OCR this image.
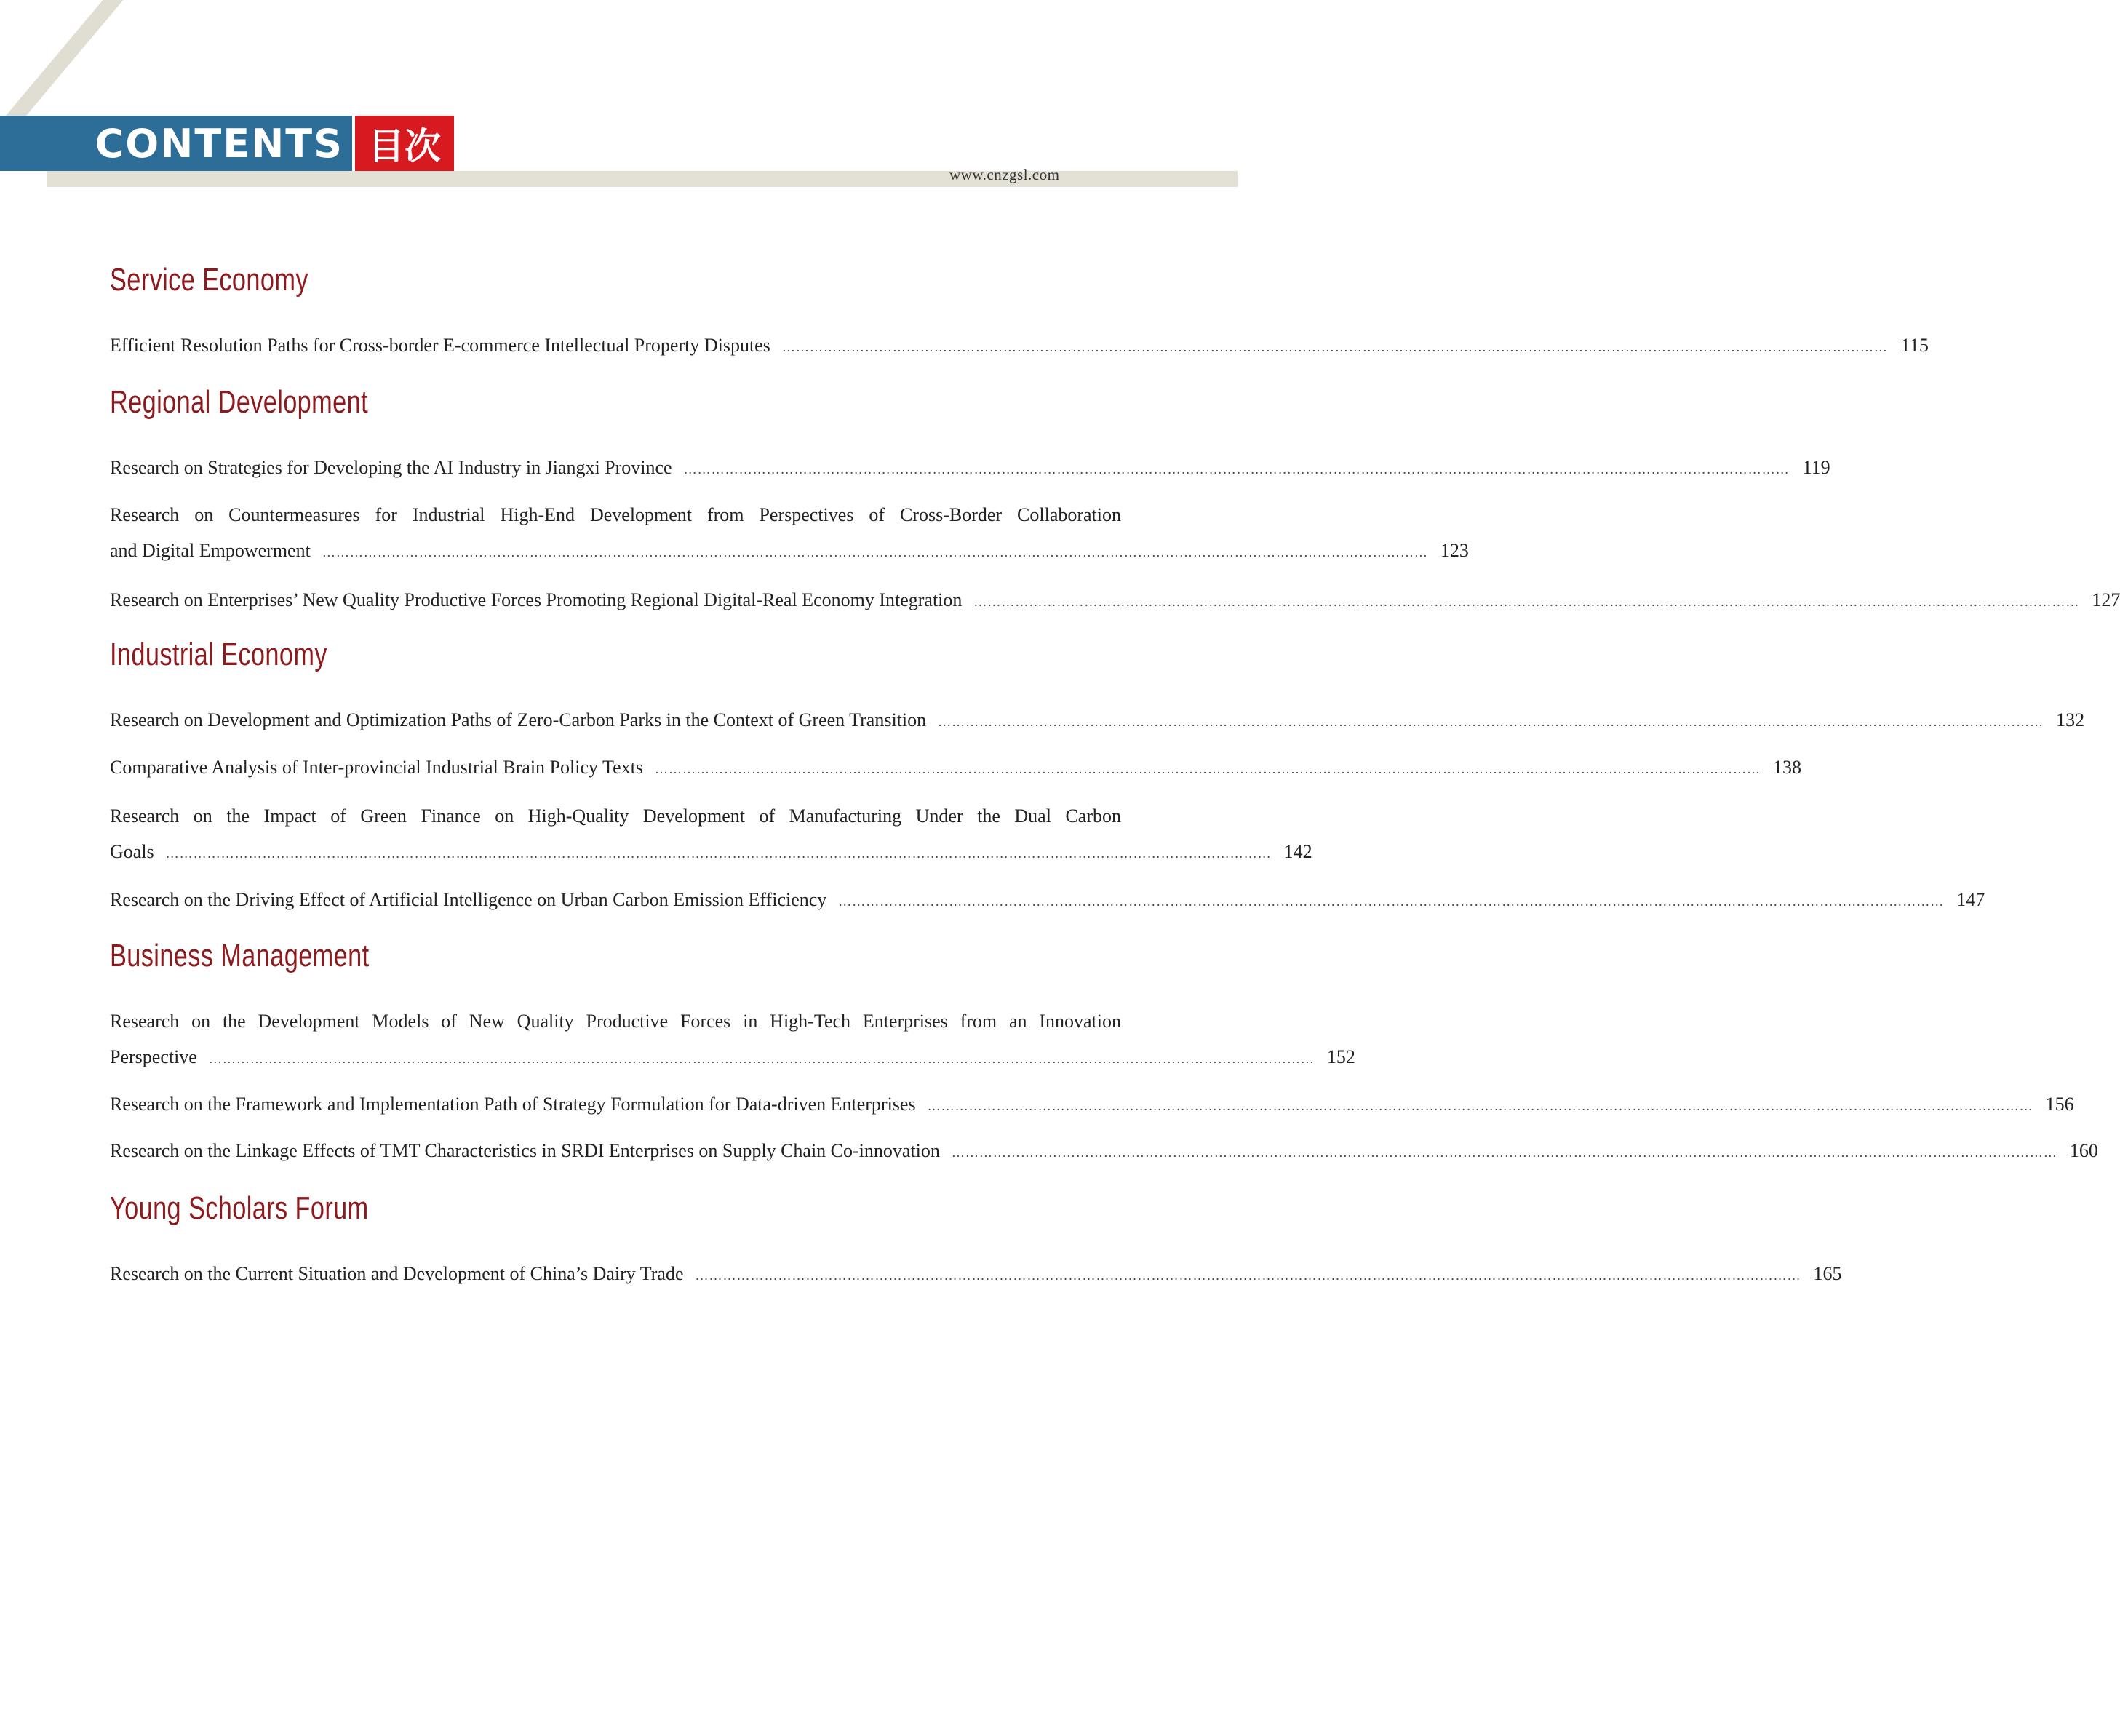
CONTENTS 目次
www.cnzgsl.com
Service Economy
Efficient Resolution Paths for Cross-border E-commerce Intellectual Property Disputes …………………………………………………………………………………………………………………………………………………………………………………………………………………… 115
Regional Development
Research on Strategies for Developing the AI Industry in Jiangxi Province …………………………………………………………………………………………………………………………………………………………………………………………………………………… 119
Research on Countermeasures for Industrial High-End Development from Perspectives of Cross-Border Collaboration
and Digital Empowerment …………………………………………………………………………………………………………………………………………………………………………………………………………………… 123
Research on Enterprises’ New Quality Productive Forces Promoting Regional Digital-Real Economy Integration …………………………………………………………………………………………………………………………………………………………………………………………………………………… 127
Industrial Economy
Research on Development and Optimization Paths of Zero-Carbon Parks in the Context of Green Transition …………………………………………………………………………………………………………………………………………………………………………………………………………………… 132
Comparative Analysis of Inter-provincial Industrial Brain Policy Texts …………………………………………………………………………………………………………………………………………………………………………………………………………………… 138
Research on the Impact of Green Finance on High-Quality Development of Manufacturing Under the Dual Carbon
Goals …………………………………………………………………………………………………………………………………………………………………………………………………………………… 142
Research on the Driving Effect of Artificial Intelligence on Urban Carbon Emission Efficiency …………………………………………………………………………………………………………………………………………………………………………………………………………………… 147
Business Management
Research on the Development Models of New Quality Productive Forces in High-Tech Enterprises from an Innovation
Perspective …………………………………………………………………………………………………………………………………………………………………………………………………………………… 152
Research on the Framework and Implementation Path of Strategy Formulation for Data-driven Enterprises …………………………………………………………………………………………………………………………………………………………………………………………………………………… 156
Research on the Linkage Effects of TMT Characteristics in SRDI Enterprises on Supply Chain Co-innovation …………………………………………………………………………………………………………………………………………………………………………………………………………………… 160
Young Scholars Forum
Research on the Current Situation and Development of China’s Dairy Trade …………………………………………………………………………………………………………………………………………………………………………………………………………………… 165
